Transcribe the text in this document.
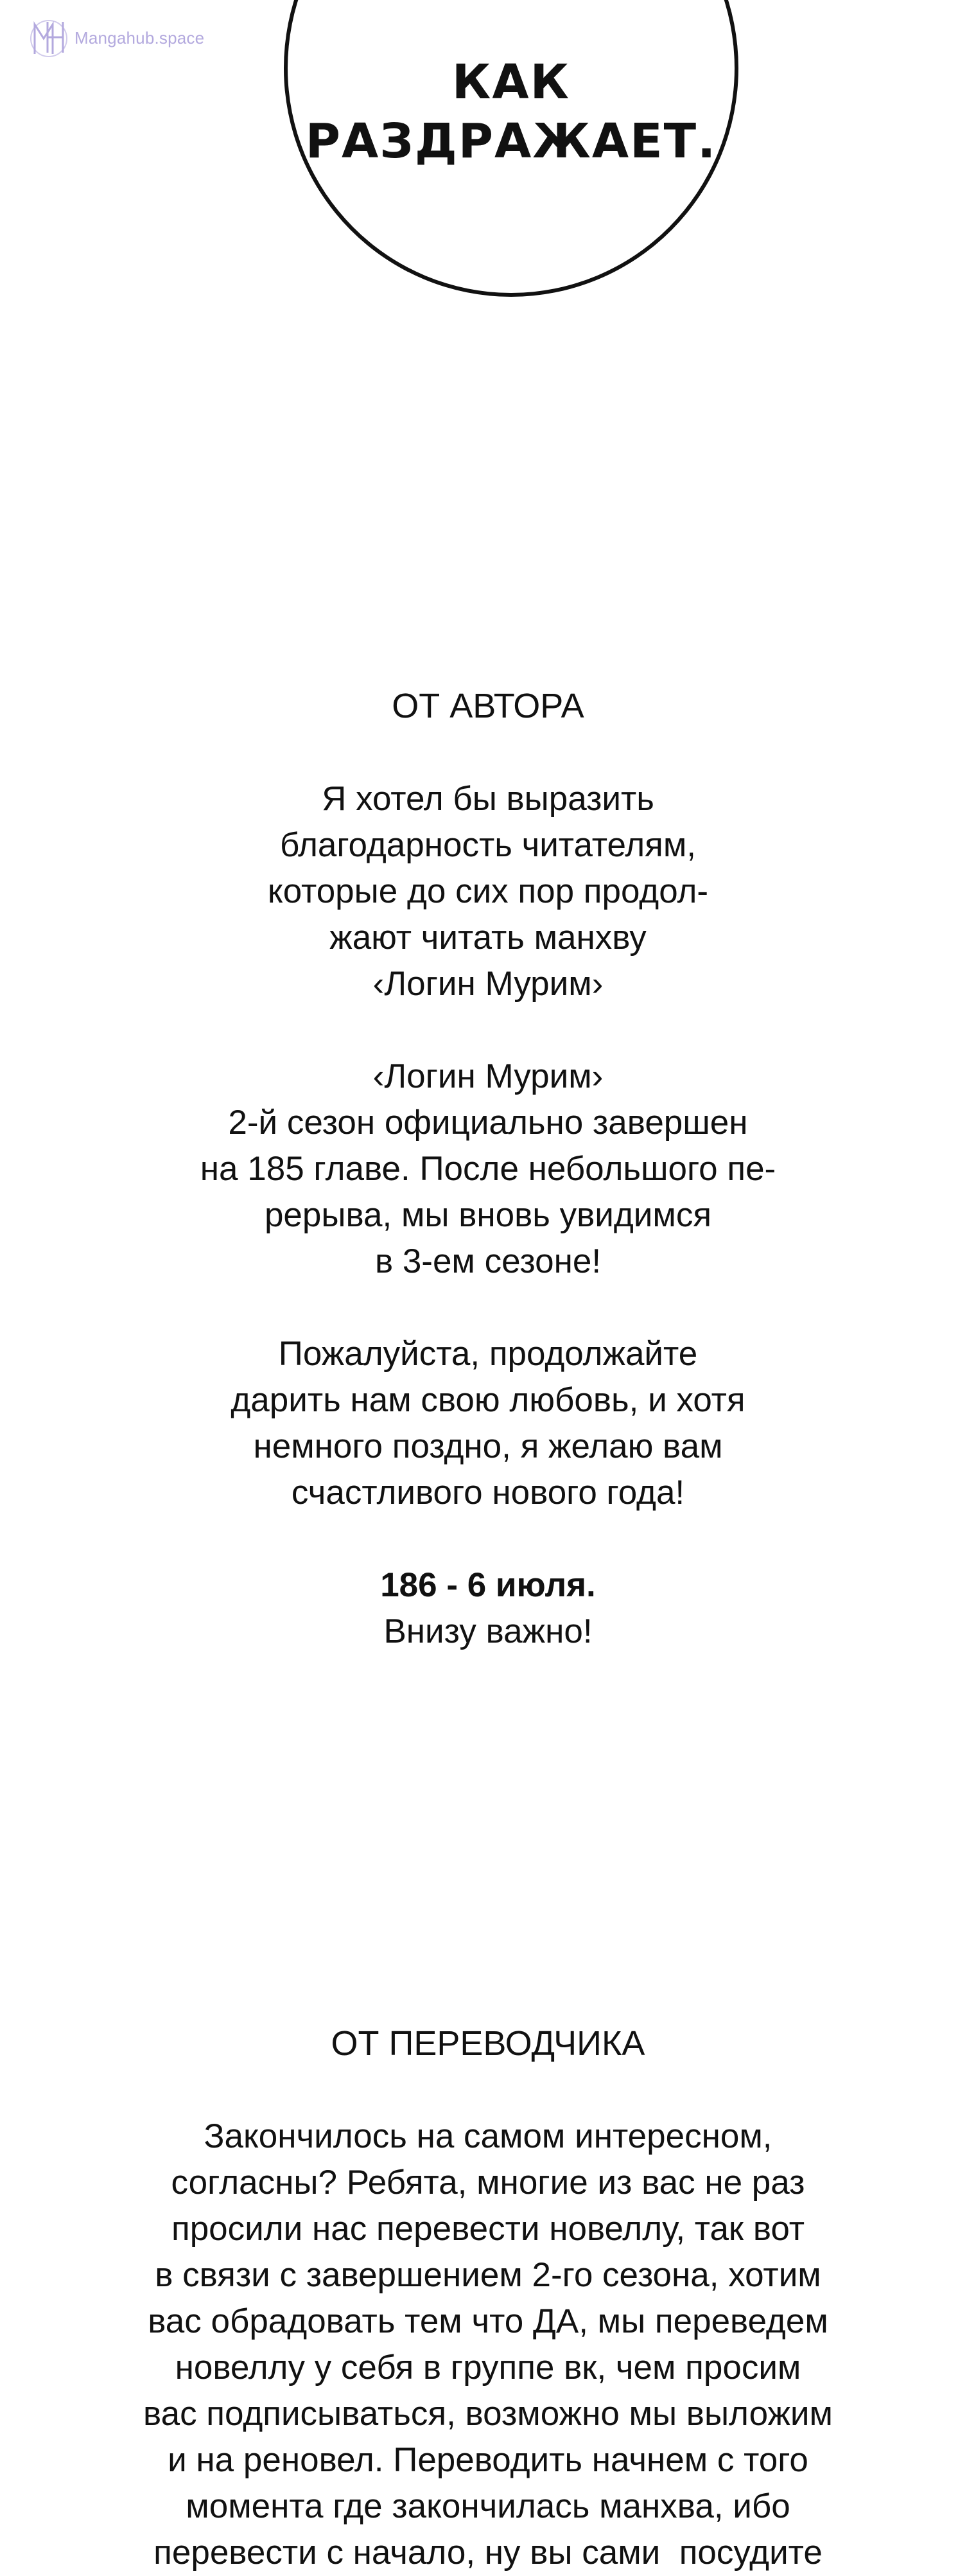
Mangahub.space
КАК
РАЗДРАЖАЕТ.
ОТ АВТОРА
Я хотел бы выразить
благодарность читателям,
которые до сих пор продол-
жают читать манхву
‹Логин Мурим›
‹Логин Мурим›
2-й сезон официально завершен
на 185 главе. После небольшого пе-
рерыва, мы вновь увидимся
в 3-ем сезоне!
Пожалуйста, продолжайте
дарить нам свою любовь, и хотя
немного поздно, я желаю вам
счастливого нового года!
186 - 6 июля.
Внизу важно!
ОТ ПЕРЕВОДЧИКА
Закончилось на самом интересном,
согласны? Ребята, многие из вас не раз
просили нас перевести новеллу, так вот
в связи с завершением 2-го сезона, хотим
вас обрадовать тем что ДА, мы переведем
новеллу у себя в группе вк, чем просим
вас подписываться, возможно мы выложим
и на реновел. Переводить начнем с того
момента где закончилась манхва, ибо
перевести с начало, ну вы сами  посудите
